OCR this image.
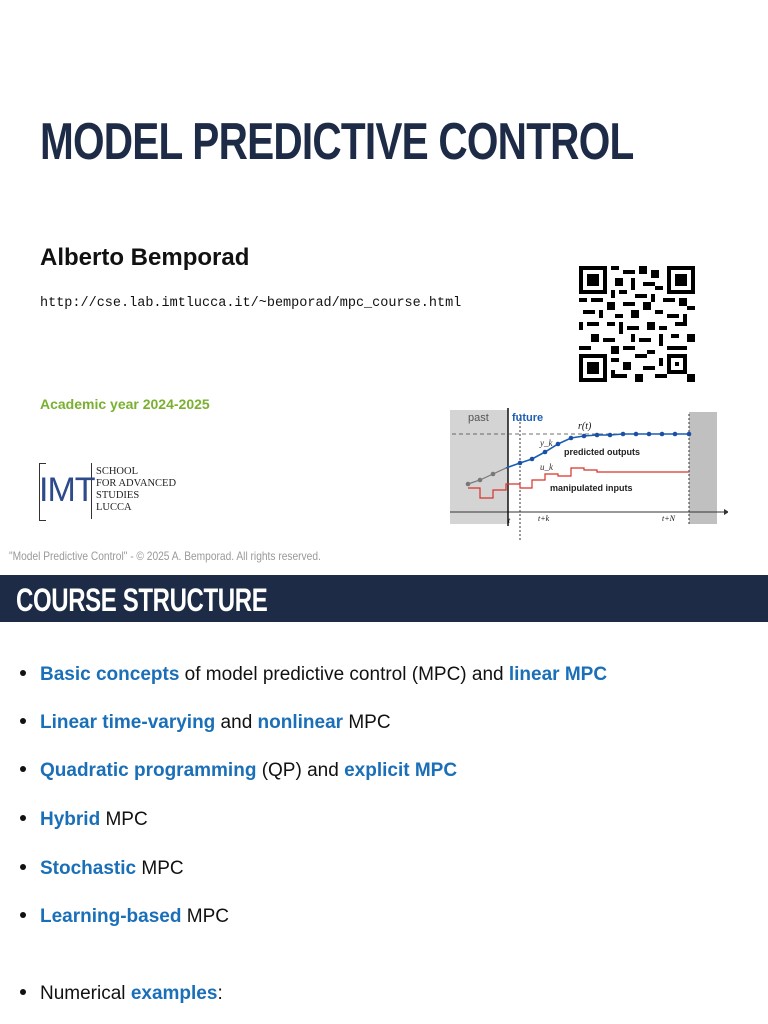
MODEL PREDICTIVE CONTROL
Alberto Bemporad
http://cse.lab.imtlucca.it/~bemporad/mpc_course.html
Academic year 2024-2025
IMT SCHOOL
FOR ADVANCED
STUDIES
LUCCA
past future
r(t)
y_k
predicted outputs
u_k
manipulated inputs
t	t+k	t+N
"Model Predictive Control" - © 2025 A. Bemporad. All rights reserved.
COURSE STRUCTURE
Basic concepts of model predictive control (MPC) and linear MPC
Linear time-varying and nonlinear MPC
Quadratic programming (QP) and explicit MPC
Hybrid MPC
Stochastic MPC
Learning-based MPC
Numerical examples:
